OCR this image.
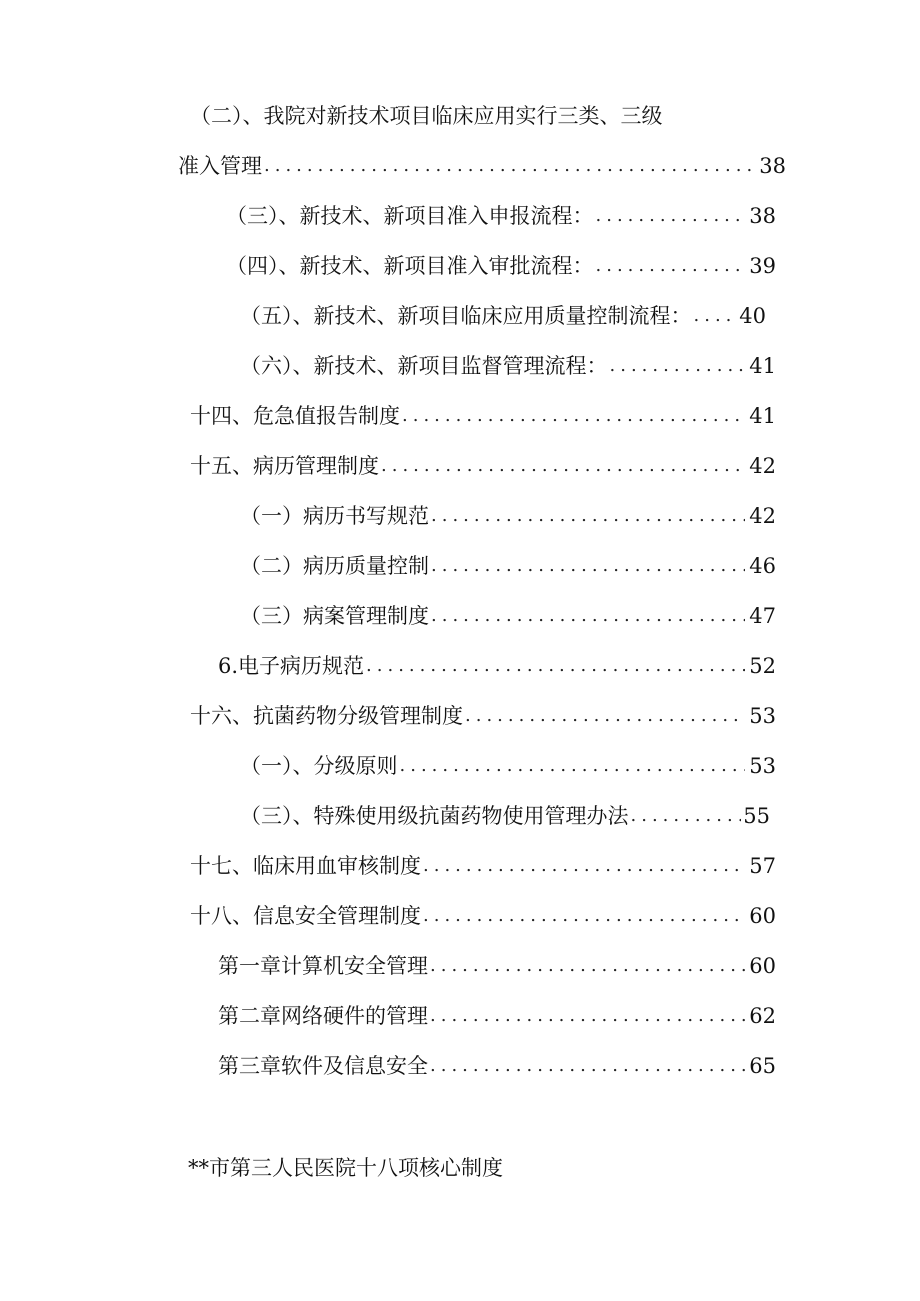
（二）、我院对新技术项目临床应用实行三类、三级
准入管理 .....	38
（三）、新技术、新项目准入申报流程： .....	38
（四）、新技术、新项目准入审批流程： .....	39
（五）、新技术、新项目临床应用质量控制流程： ..... 40
（六）、新技术、新项目监督管理流程： .....	41
十四、危急值报告制度 .....	41
十五、病历管理制度 .....	42
（一）病历书写规范 .....	42
（二）病历质量控制 .....	46
（三）病案管理制度 .....	47
6.电子病历规范 .....	52
十六、抗菌药物分级管理制度 .....	53
（一）、分级原则 .....	53
（三）、特殊使用级抗菌药物使用管理办法 .....	55
十七、临床用血审核制度 .....	57
十八、信息安全管理制度 .....	60
第一章计算机安全管理 .....	60
第二章网络硬件的管理 .....	62
第三章软件及信息安全 .....	65
**市第三人民医院十八项核心制度
